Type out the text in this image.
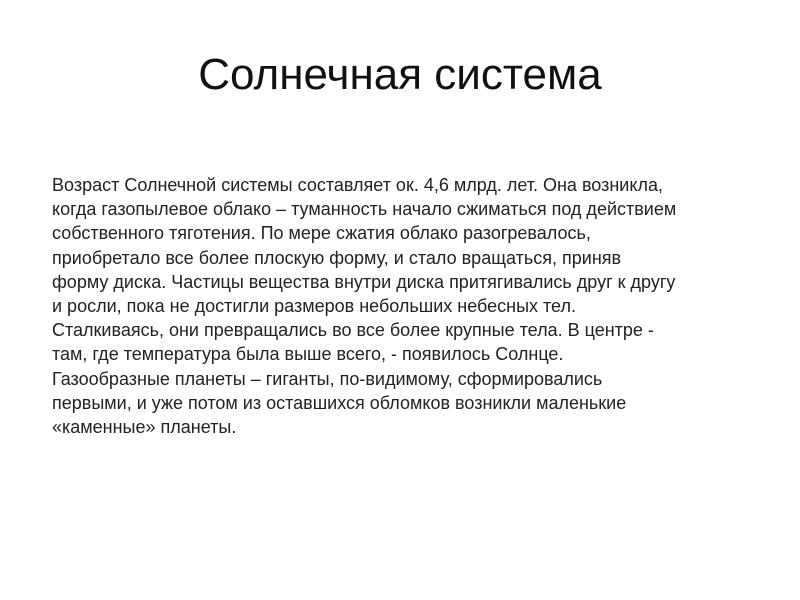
Солнечная система

Возраст Солнечной системы составляет ок. 4,6 млрд. лет. Она возникла,
когда газопылевое облако – туманность начало сжиматься под действием
собственного тяготения. По мере сжатия облако разогревалось,
приобретало все более плоскую форму, и стало вращаться, приняв
форму диска. Частицы вещества внутри диска притягивались друг к другу
и росли, пока не достигли размеров небольших небесных тел.
Сталкиваясь, они превращались во все более крупные тела. В центре -
там, где температура была выше всего, - появилось Солнце.
Газообразные планеты – гиганты, по-видимому, сформировались
первыми, и уже потом из оставшихся обломков возникли маленькие
«каменные» планеты.
